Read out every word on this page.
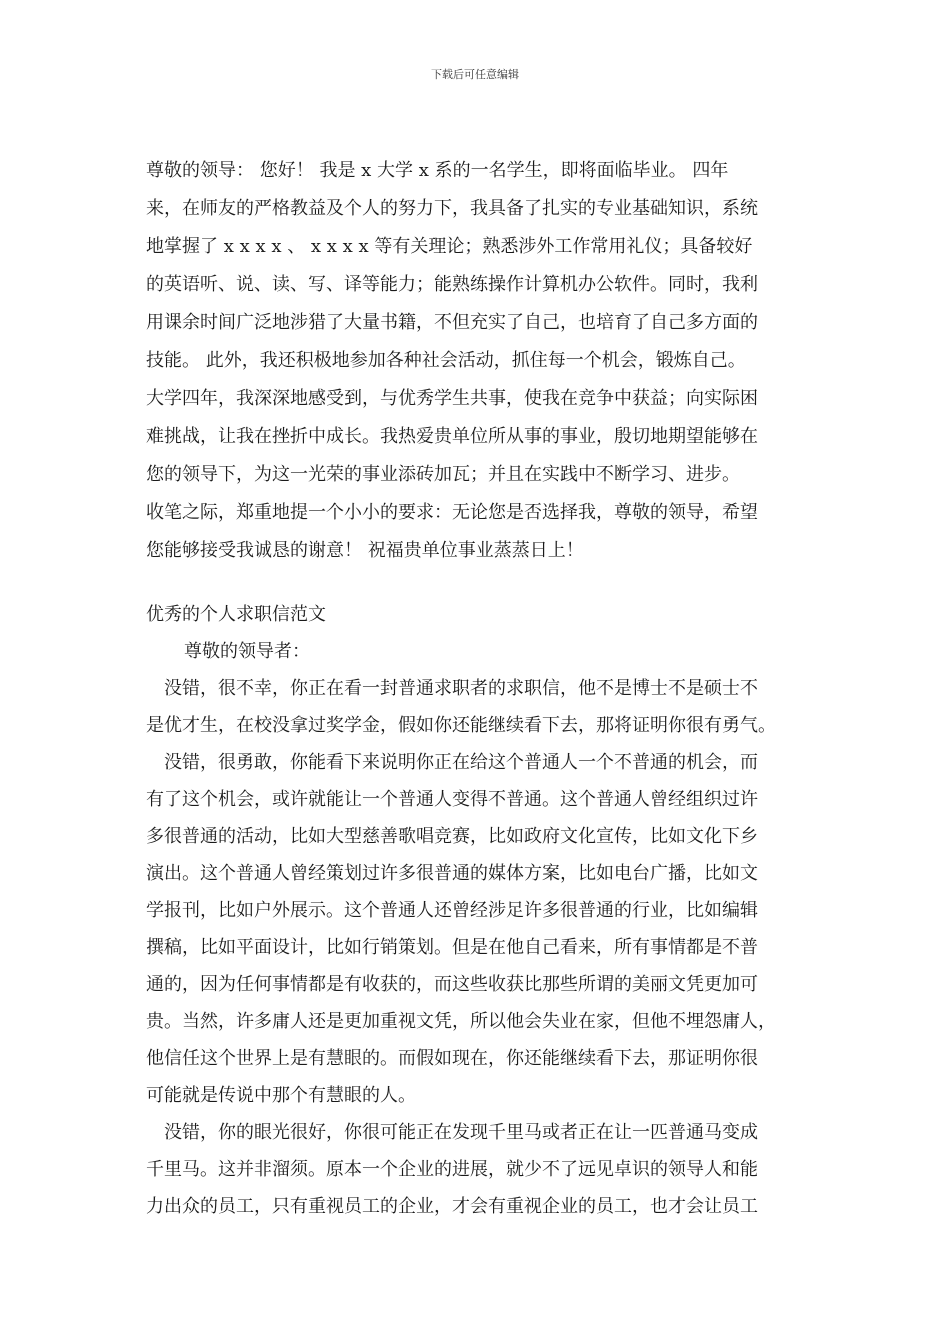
下载后可任意编辑
尊敬的领导： 您好！ 我是 x 大学 x 系的一名学生，即将面临毕业。 四年
来，在师友的严格教益及个人的努力下，我具备了扎实的专业基础知识，系统
地掌握了 x x x x 、 x x x x 等有关理论；熟悉涉外工作常用礼仪；具备较好
的英语听、说、读、写、译等能力；能熟练操作计算机办公软件。同时，我利
用课余时间广泛地涉猎了大量书籍，不但充实了自己，也培育了自己多方面的
技能。 此外，我还积极地参加各种社会活动，抓住每一个机会，锻炼自己。
大学四年，我深深地感受到，与优秀学生共事，使我在竞争中获益；向实际困
难挑战，让我在挫折中成长。我热爱贵单位所从事的事业，殷切地期望能够在
您的领导下，为这一光荣的事业添砖加瓦；并且在实践中不断学习、进步。
收笔之际，郑重地提一个小小的要求：无论您是否选择我，尊敬的领导，希望
您能够接受我诚恳的谢意！ 祝福贵单位事业蒸蒸日上！
优秀的个人求职信范文
尊敬的领导者：
没错，很不幸，你正在看一封普通求职者的求职信，他不是博士不是硕士不
是优才生，在校没拿过奖学金，假如你还能继续看下去，那将证明你很有勇气。
没错，很勇敢，你能看下来说明你正在给这个普通人一个不普通的机会，而
有了这个机会，或许就能让一个普通人变得不普通。这个普通人曾经组织过许
多很普通的活动，比如大型慈善歌唱竞赛，比如政府文化宣传，比如文化下乡
演出。这个普通人曾经策划过许多很普通的媒体方案，比如电台广播，比如文
学报刊，比如户外展示。这个普通人还曾经涉足许多很普通的行业，比如编辑
撰稿，比如平面设计，比如行销策划。但是在他自己看来，所有事情都是不普
通的，因为任何事情都是有收获的，而这些收获比那些所谓的美丽文凭更加可
贵。当然，许多庸人还是更加重视文凭，所以他会失业在家，但他不埋怨庸人，
他信任这个世界上是有慧眼的。而假如现在，你还能继续看下去，那证明你很
可能就是传说中那个有慧眼的人。
没错，你的眼光很好，你很可能正在发现千里马或者正在让一匹普通马变成
千里马。这并非溜须。原本一个企业的进展，就少不了远见卓识的领导人和能
力出众的员工，只有重视员工的企业，才会有重视企业的员工，也才会让员工
